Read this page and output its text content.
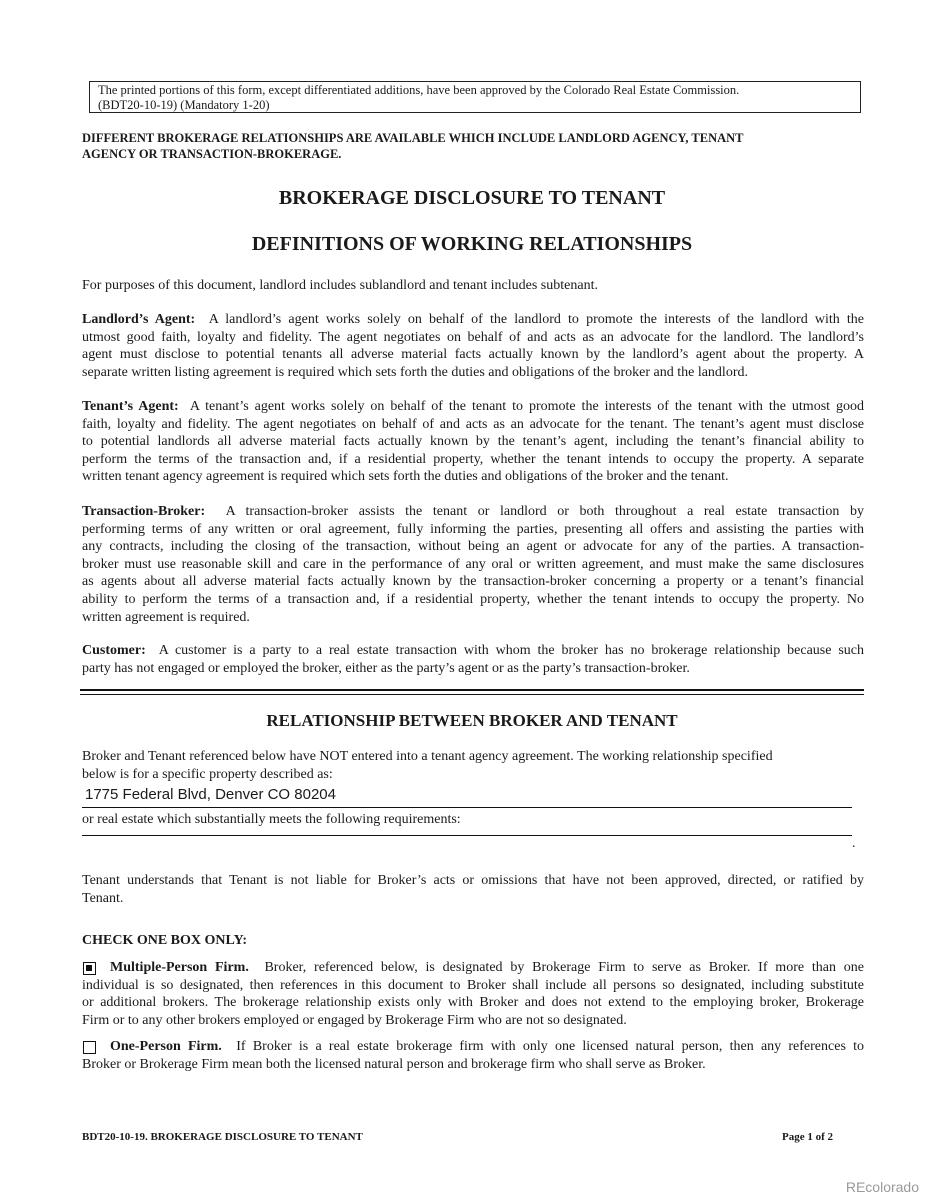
The printed portions of this form, except differentiated additions, have been approved by the Colorado Real Estate Commission.
(BDT20-10-19) (Mandatory 1-20)
DIFFERENT BROKERAGE RELATIONSHIPS ARE AVAILABLE WHICH INCLUDE LANDLORD AGENCY, TENANT
AGENCY OR TRANSACTION-BROKERAGE.
BROKERAGE DISCLOSURE TO TENANT
DEFINITIONS OF WORKING RELATIONSHIPS
For purposes of this document, landlord includes sublandlord and tenant includes subtenant.
Landlord’s Agent: A landlord’s agent works solely on behalf of the landlord to promote the interests of the landlord with the
utmost good faith, loyalty and fidelity. The agent negotiates on behalf of and acts as an advocate for the landlord. The landlord’s
agent must disclose to potential tenants all adverse material facts actually known by the landlord’s agent about the property. A
separate written listing agreement is required which sets forth the duties and obligations of the broker and the landlord.
Tenant’s Agent: A tenant’s agent works solely on behalf of the tenant to promote the interests of the tenant with the utmost good
faith, loyalty and fidelity. The agent negotiates on behalf of and acts as an advocate for the tenant. The tenant’s agent must disclose
to potential landlords all adverse material facts actually known by the tenant’s agent, including the tenant’s financial ability to
perform the terms of the transaction and, if a residential property, whether the tenant intends to occupy the property. A separate
written tenant agency agreement is required which sets forth the duties and obligations of the broker and the tenant.
Transaction-Broker: A transaction-broker assists the tenant or landlord or both throughout a real estate transaction by
performing terms of any written or oral agreement, fully informing the parties, presenting all offers and assisting the parties with
any contracts, including the closing of the transaction, without being an agent or advocate for any of the parties. A transaction-
broker must use reasonable skill and care in the performance of any oral or written agreement, and must make the same disclosures
as agents about all adverse material facts actually known by the transaction-broker concerning a property or a tenant’s financial
ability to perform the terms of a transaction and, if a residential property, whether the tenant intends to occupy the property. No
written agreement is required.
Customer: A customer is a party to a real estate transaction with whom the broker has no brokerage relationship because such
party has not engaged or employed the broker, either as the party’s agent or as the party’s transaction-broker.
RELATIONSHIP BETWEEN BROKER AND TENANT
Broker and Tenant referenced below have NOT entered into a tenant agency agreement. The working relationship specified
below is for a specific property described as:
1775 Federal Blvd, Denver CO 80204
or real estate which substantially meets the following requirements:
.
Tenant understands that Tenant is not liable for Broker’s acts or omissions that have not been approved, directed, or ratified by
Tenant.
CHECK ONE BOX ONLY:
Multiple-Person Firm. Broker, referenced below, is designated by Brokerage Firm to serve as Broker. If more than one
individual is so designated, then references in this document to Broker shall include all persons so designated, including substitute
or additional brokers. The brokerage relationship exists only with Broker and does not extend to the employing broker, Brokerage
Firm or to any other brokers employed or engaged by Brokerage Firm who are not so designated.
One-Person Firm. If Broker is a real estate brokerage firm with only one licensed natural person, then any references to
Broker or Brokerage Firm mean both the licensed natural person and brokerage firm who shall serve as Broker.
BDT20-10-19. BROKERAGE DISCLOSURE TO TENANT	Page 1 of 2
REcolorado
